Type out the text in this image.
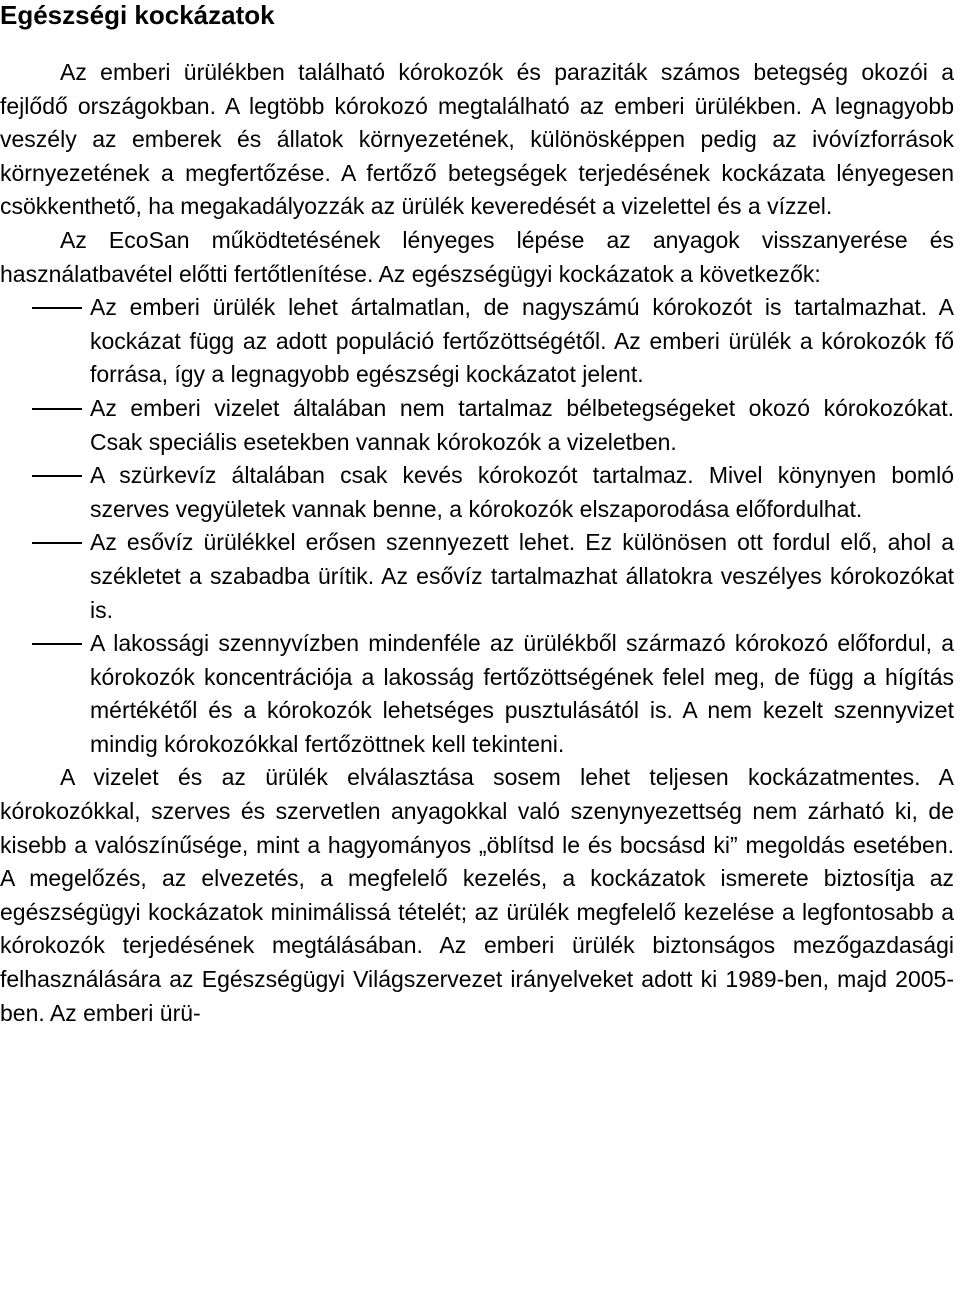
Egészségi kockázatok

Az emberi ürülékben található kórokozók és paraziták számos betegség okozói a fejlődő országokban. A legtöbb kórokozó megtalálható az emberi ürülékben. A legnagyobb veszély az emberek és állatok környezetének, különösképpen pedig az ivóvízforrások környezetének a megfertőzése. A fertőző betegségek terjedésének kockázata lényegesen csökkenthető, ha megakadályozzák az ürülék keveredését a vizelettel és a vízzel.

Az EcoSan működtetésének lényeges lépése az anyagok visszanyerése és használatbavétel előtti fertőtlenítése. Az egészségügyi kockázatok a következők:

Az emberi ürülék lehet ártalmatlan, de nagyszámú kórokozót is tartalmazhat. A kockázat függ az adott populáció fertőzöttségétől. Az emberi ürülék a kórokozók fő forrása, így a legnagyobb egészségi kockázatot jelent.
Az emberi vizelet általában nem tartalmaz bélbetegségeket okozó kórokozókat. Csak speciális esetekben vannak kórokozók a vizeletben.
A szürkevíz általában csak kevés kórokozót tartalmaz. Mivel könynyen bomló szerves vegyületek vannak benne, a kórokozók elszaporodása előfordulhat.
Az esővíz ürülékkel erősen szennyezett lehet. Ez különösen ott fordul elő, ahol a székletet a szabadba ürítik. Az esővíz tartalmazhat állatokra veszélyes kórokozókat is.
A lakossági szennyvízben mindenféle az ürülékből származó kórokozó előfordul, a kórokozók koncentrációja a lakosság fertőzöttségének felel meg, de függ a hígítás mértékétől és a kórokozók lehetséges pusztulásától is. A nem kezelt szennyvizet mindig kórokozókkal fertőzöttnek kell tekinteni.

A vizelet és az ürülék elválasztása sosem lehet teljesen kockázatmentes. A kórokozókkal, szerves és szervetlen anyagokkal való szenynyezettség nem zárható ki, de kisebb a valószínűsége, mint a hagyományos „öblítsd le és bocsásd ki” megoldás esetében. A megelőzés, az elvezetés, a megfelelő kezelés, a kockázatok ismerete biztosítja az egészségügyi kockázatok minimálissá tételét; az ürülék megfelelő kezelése a legfontosabb a kórokozók terjedésének megtálásában. Az emberi ürülék biztonságos mezőgazdasági felhasználására az Egészségügyi Világszervezet irányelveket adott ki 1989-ben, majd 2005-ben. Az emberi ürü-
